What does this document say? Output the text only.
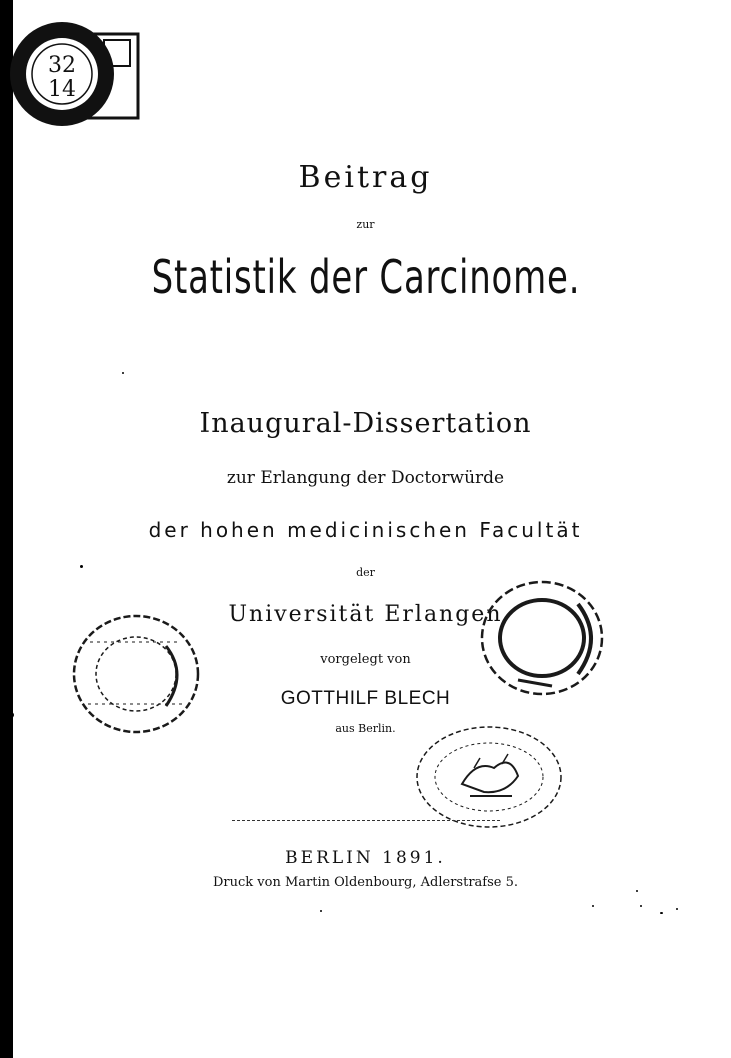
32
14
Beitrag
zur
Statistik der Carcinome.
Inaugural-Dissertation
zur Erlangung der Doctorwürde
der hohen medicinischen Facultät
der
Universität Erlangen
vorgelegt von
GOTTHILF BLECH
aus Berlin.
BERLIN 1891.
Druck von Martin Oldenbourg, Adlerstrafse 5.
